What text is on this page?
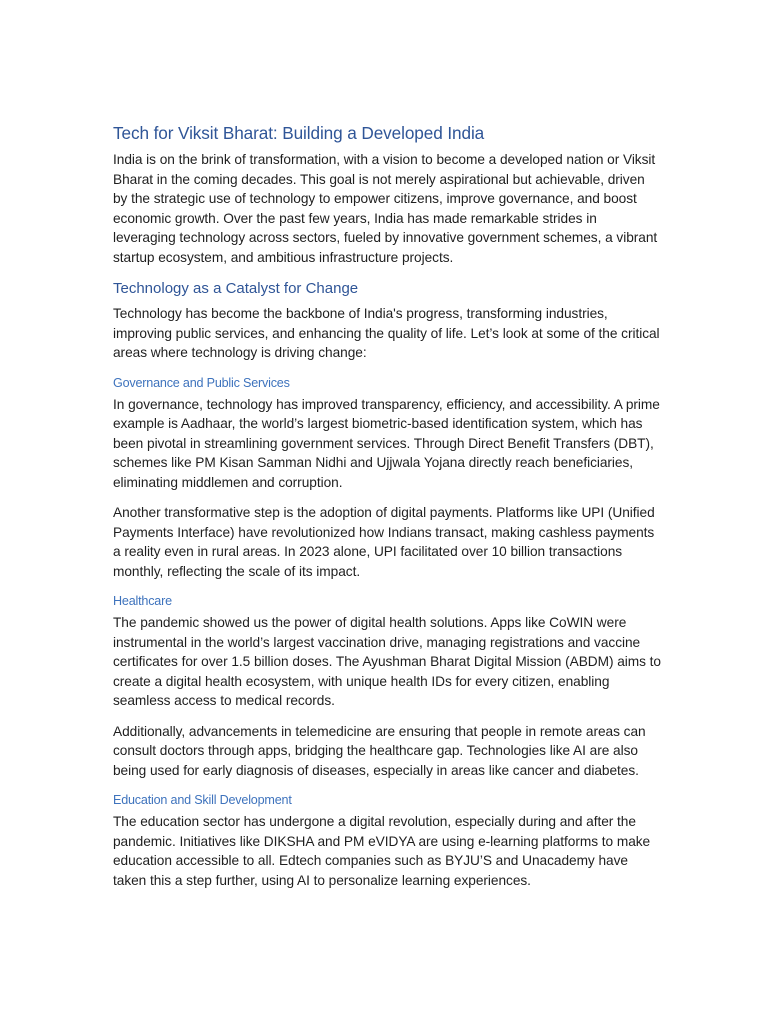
Tech for Viksit Bharat: Building a Developed India

India is on the brink of transformation, with a vision to become a developed nation or Viksit Bharat in the coming decades. This goal is not merely aspirational but achievable, driven by the strategic use of technology to empower citizens, improve governance, and boost economic growth. Over the past few years, India has made remarkable strides in leveraging technology across sectors, fueled by innovative government schemes, a vibrant startup ecosystem, and ambitious infrastructure projects.

Technology as a Catalyst for Change

Technology has become the backbone of India's progress, transforming industries, improving public services, and enhancing the quality of life. Let’s look at some of the critical areas where technology is driving change:

Governance and Public Services

In governance, technology has improved transparency, efficiency, and accessibility. A prime example is Aadhaar, the world’s largest biometric-based identification system, which has been pivotal in streamlining government services. Through Direct Benefit Transfers (DBT), schemes like PM Kisan Samman Nidhi and Ujjwala Yojana directly reach beneficiaries, eliminating middlemen and corruption.

Another transformative step is the adoption of digital payments. Platforms like UPI (Unified Payments Interface) have revolutionized how Indians transact, making cashless payments a reality even in rural areas. In 2023 alone, UPI facilitated over 10 billion transactions monthly, reflecting the scale of its impact.

Healthcare

The pandemic showed us the power of digital health solutions. Apps like CoWIN were instrumental in the world’s largest vaccination drive, managing registrations and vaccine certificates for over 1.5 billion doses. The Ayushman Bharat Digital Mission (ABDM) aims to create a digital health ecosystem, with unique health IDs for every citizen, enabling seamless access to medical records.

Additionally, advancements in telemedicine are ensuring that people in remote areas can consult doctors through apps, bridging the healthcare gap. Technologies like AI are also being used for early diagnosis of diseases, especially in areas like cancer and diabetes.

Education and Skill Development

The education sector has undergone a digital revolution, especially during and after the pandemic. Initiatives like DIKSHA and PM eVIDYA are using e-learning platforms to make education accessible to all. Edtech companies such as BYJU’S and Unacademy have taken this a step further, using AI to personalize learning experiences.
